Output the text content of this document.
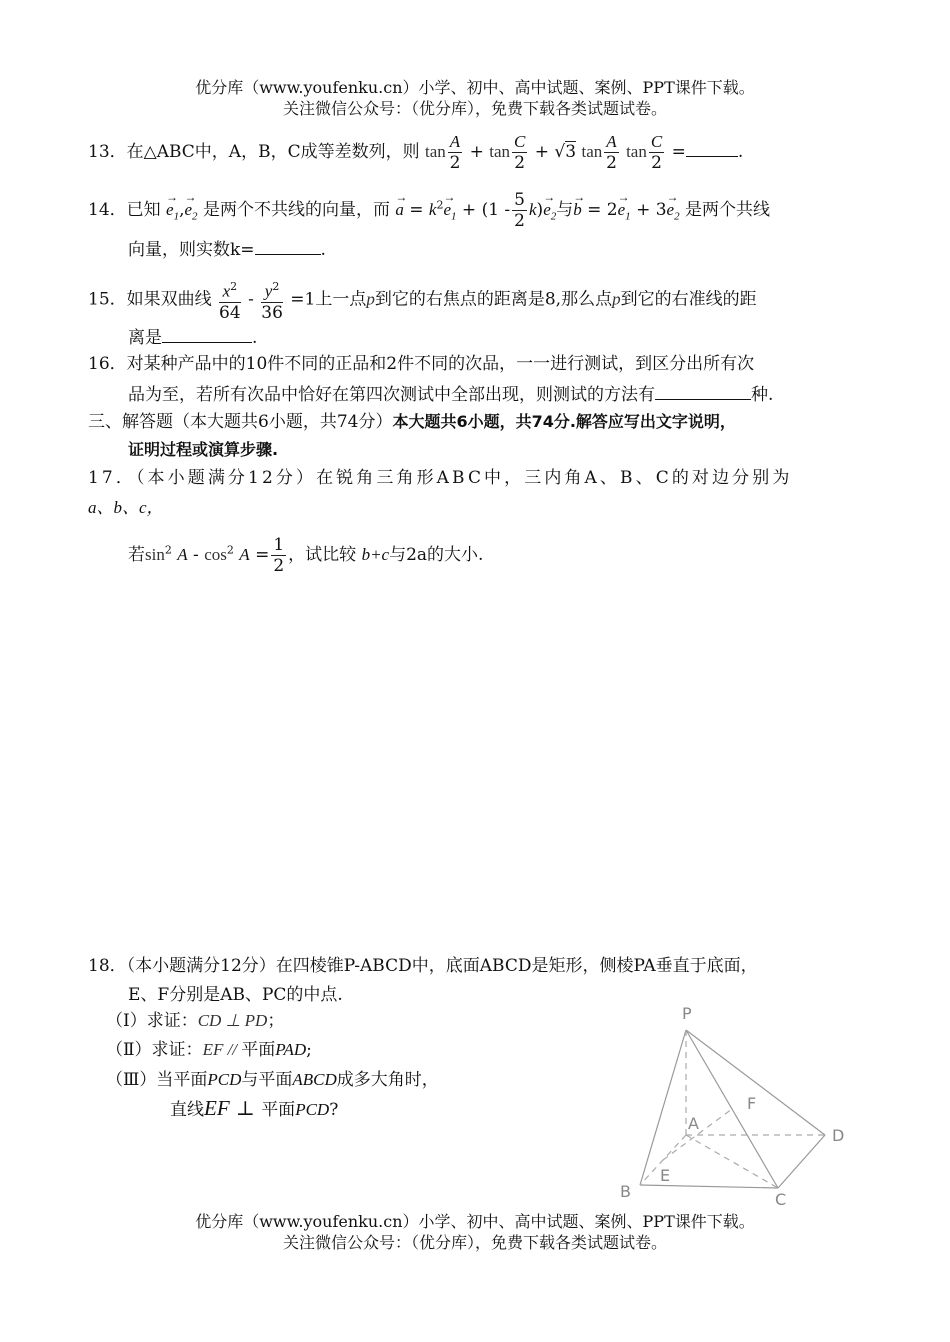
优分库（www.youfenku.cn）小学、初中、高中试题、案例、PPT课件下载。
关注微信公众号：（优分库），免费下载各类试题试卷。
13．在△ABC中，A，B，C成等差数列，则 $\tan \frac{A}{2} + \tan \frac{C}{2} + √3$ $\tan \frac{A}{2}$ $\tan \frac{C}{2}$ =	.
14．已知 → $e_1,\to e_2$ 是两个不共线的向量，而 → $a = k^2\to e_1 + (1 - \frac{5}{2} k)\to e_2$与→ $b = 2\to e_1 + 3\to e_2$ 是两个共线
向量，则实数k=	.
15．如果双曲线 $\frac{x^2}{64} - \frac{y^2}{36} =1$上一点p到它的右焦点的距离是8,那么点p到它的右准线的距
离是	.
16．对某种产品中的10件不同的正品和2件不同的次品，一一进行测试，到区分出所有次
品为至，若所有次品中恰好在第四次测试中全部出现，则测试的方法有	种.
三、解答题（本大题共6小题，共74分）本大题共6小题，共74分.解答应写出文字说明，
证明过程或演算步骤.
17．（本小题满分12分）在锐角三角形ABC中，三内角A、B、C的对边分别为
a、b、c，
若$\sin^2 A - \cos^2 A = \frac{1}{2}$ ，试比较 b+c与2a的大小.
18．（本小题满分12分）在四棱锥P-ABCD中，底面ABCD是矩形，侧棱PA垂直于底面，
E、F分别是AB、PC的中点.
（Ⅰ）求证：CD ⊥ PD；
（Ⅱ）求证：EF // 平面PAD;
（Ⅲ）当平面PCD与平面ABCD成多大角时，
直线EF ⊥ 平面PCD?
P
A
B	C
D
E
F
优分库（www.youfenku.cn）小学、初中、高中试题、案例、PPT课件下载。
关注微信公众号：（优分库），免费下载各类试题试卷。
